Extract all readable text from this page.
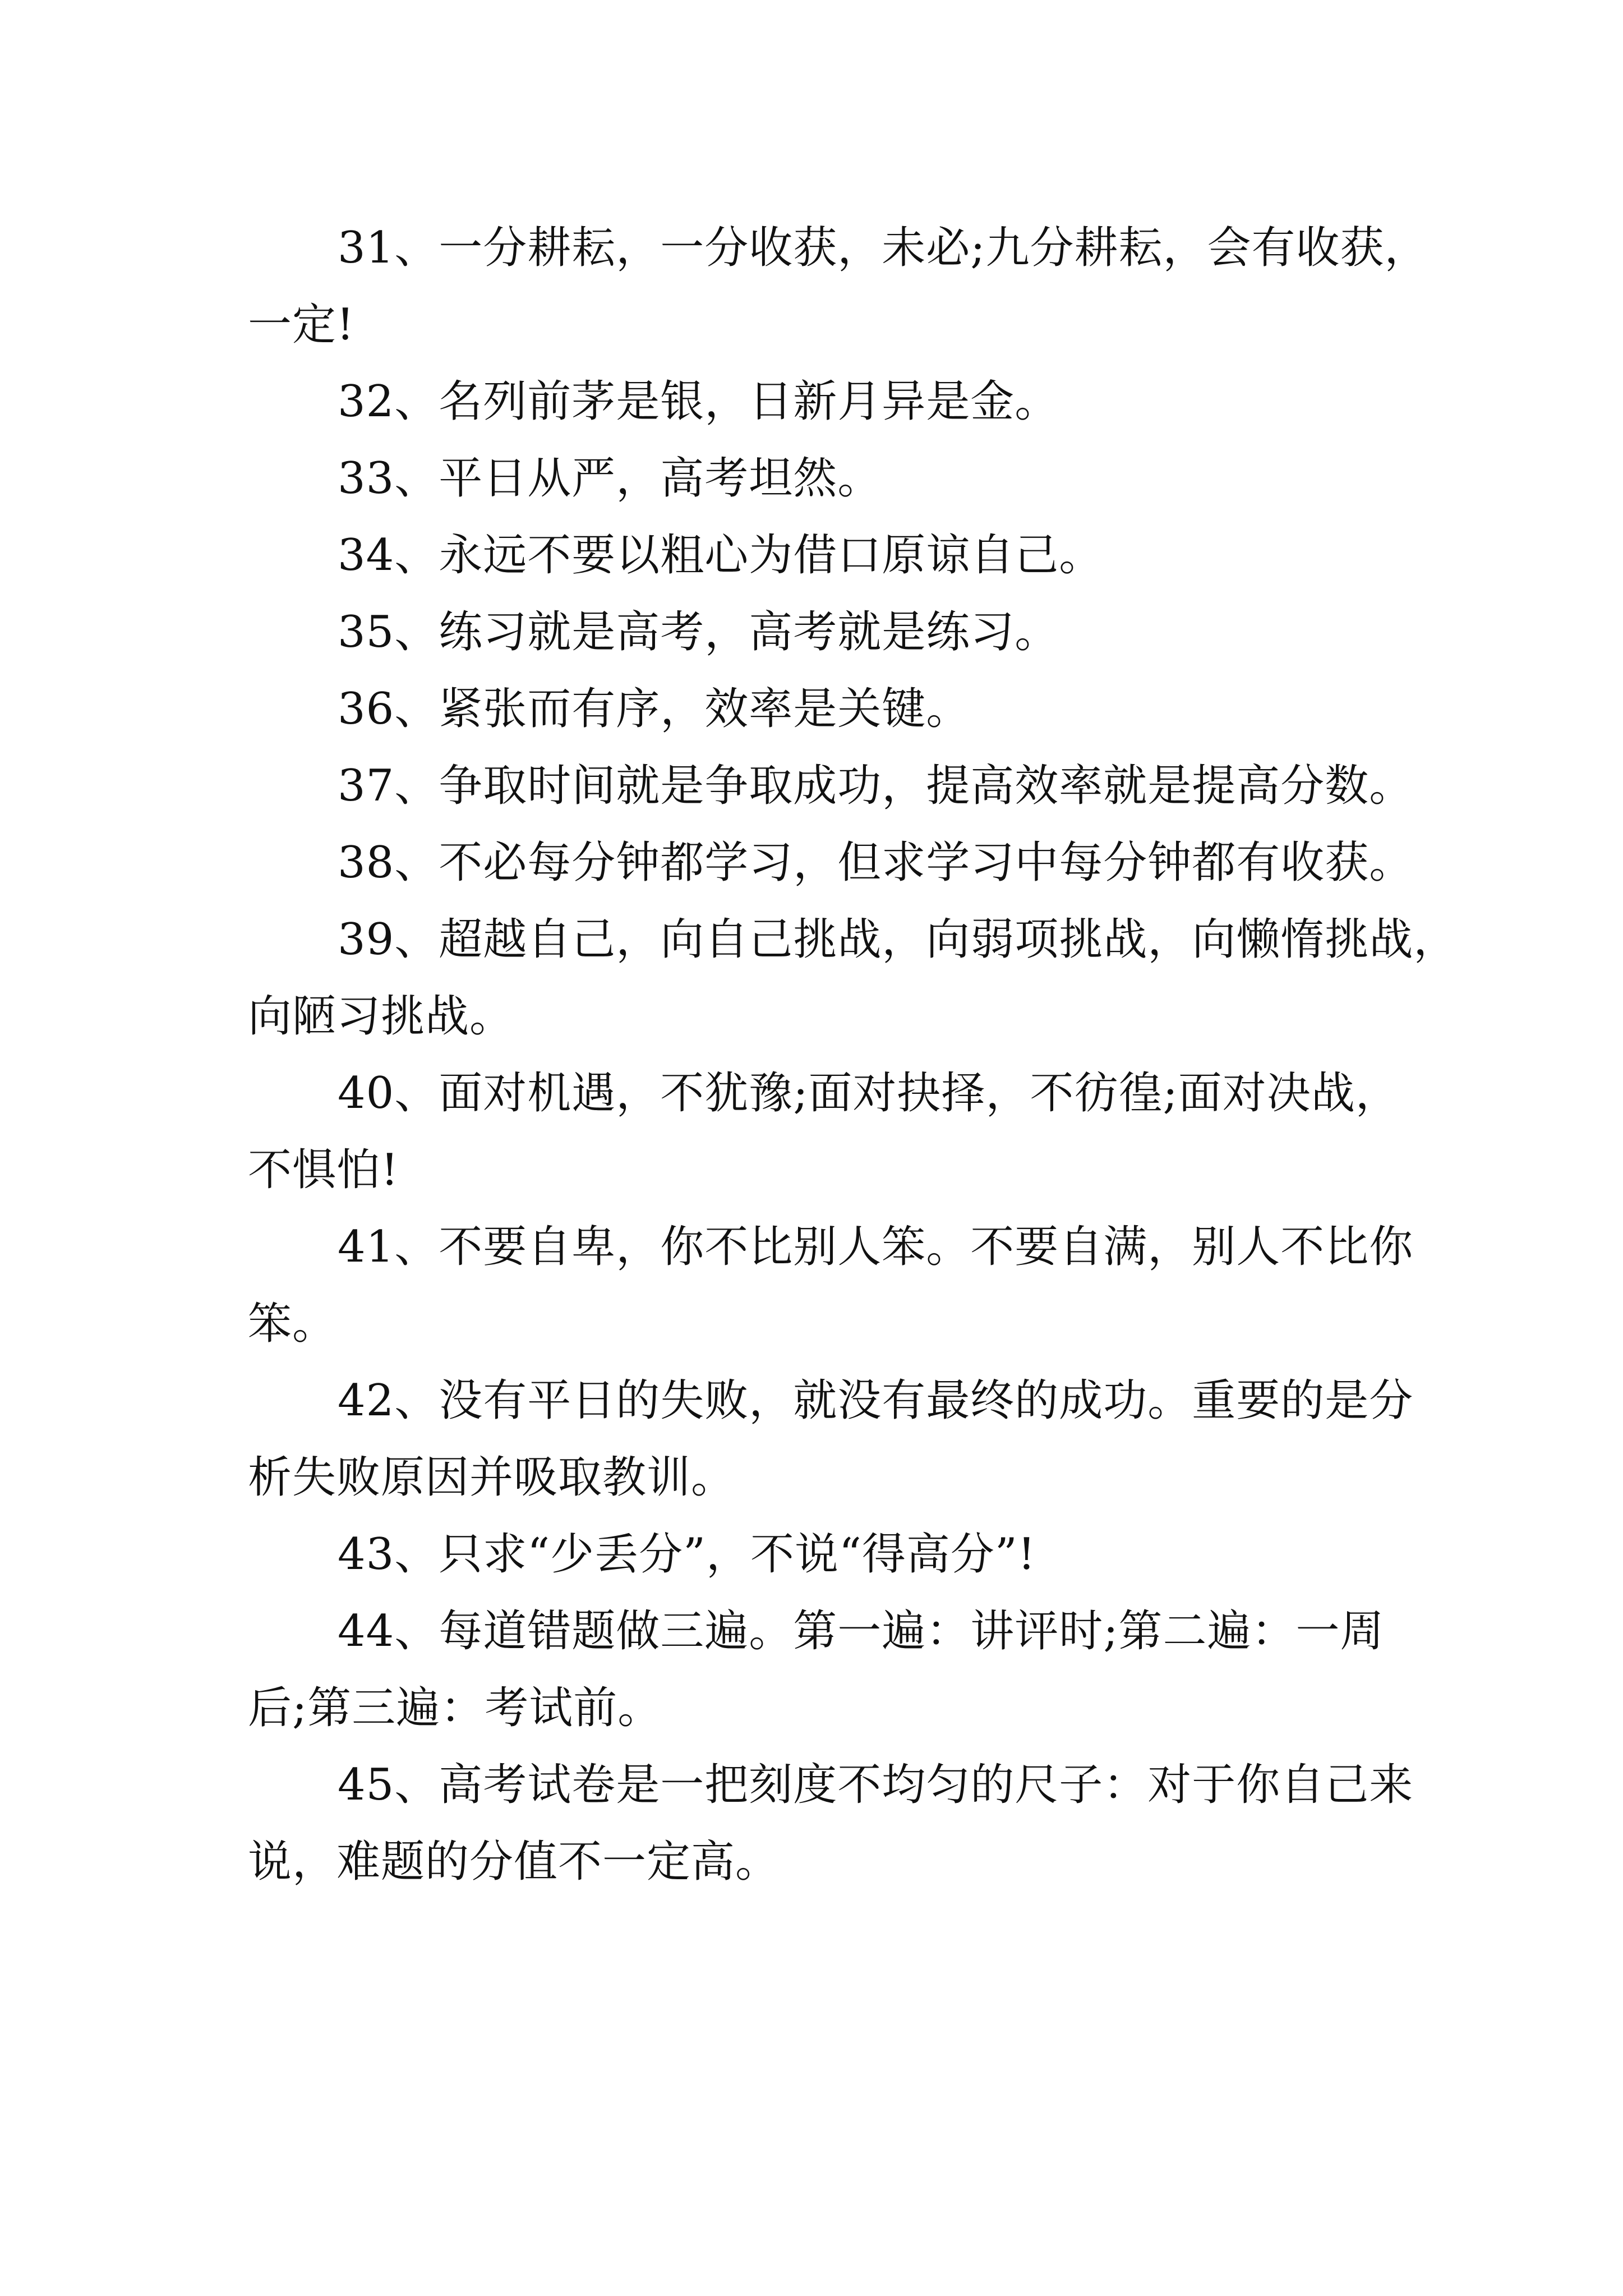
31、一分耕耘，一分收获，未必;九分耕耘，会有收获，
一定!
32、名列前茅是银，日新月异是金。
33、平日从严，高考坦然。
34、永远不要以粗心为借口原谅自己。
35、练习就是高考，高考就是练习。
36、紧张而有序，效率是关键。
37、争取时间就是争取成功，提高效率就是提高分数。
38、不必每分钟都学习，但求学习中每分钟都有收获。
39、超越自己，向自己挑战，向弱项挑战，向懒惰挑战，
向陋习挑战。
40、面对机遇，不犹豫;面对抉择，不彷徨;面对决战，
不惧怕!
41、不要自卑，你不比别人笨。不要自满，别人不比你
笨。
42、没有平日的失败，就没有最终的成功。重要的是分
析失败原因并吸取教训。
43、只求“少丢分”，不说“得高分”!
44、每道错题做三遍。第一遍：讲评时;第二遍：一周
后;第三遍：考试前。
45、高考试卷是一把刻度不均匀的尺子：对于你自己来
说，难题的分值不一定高。
